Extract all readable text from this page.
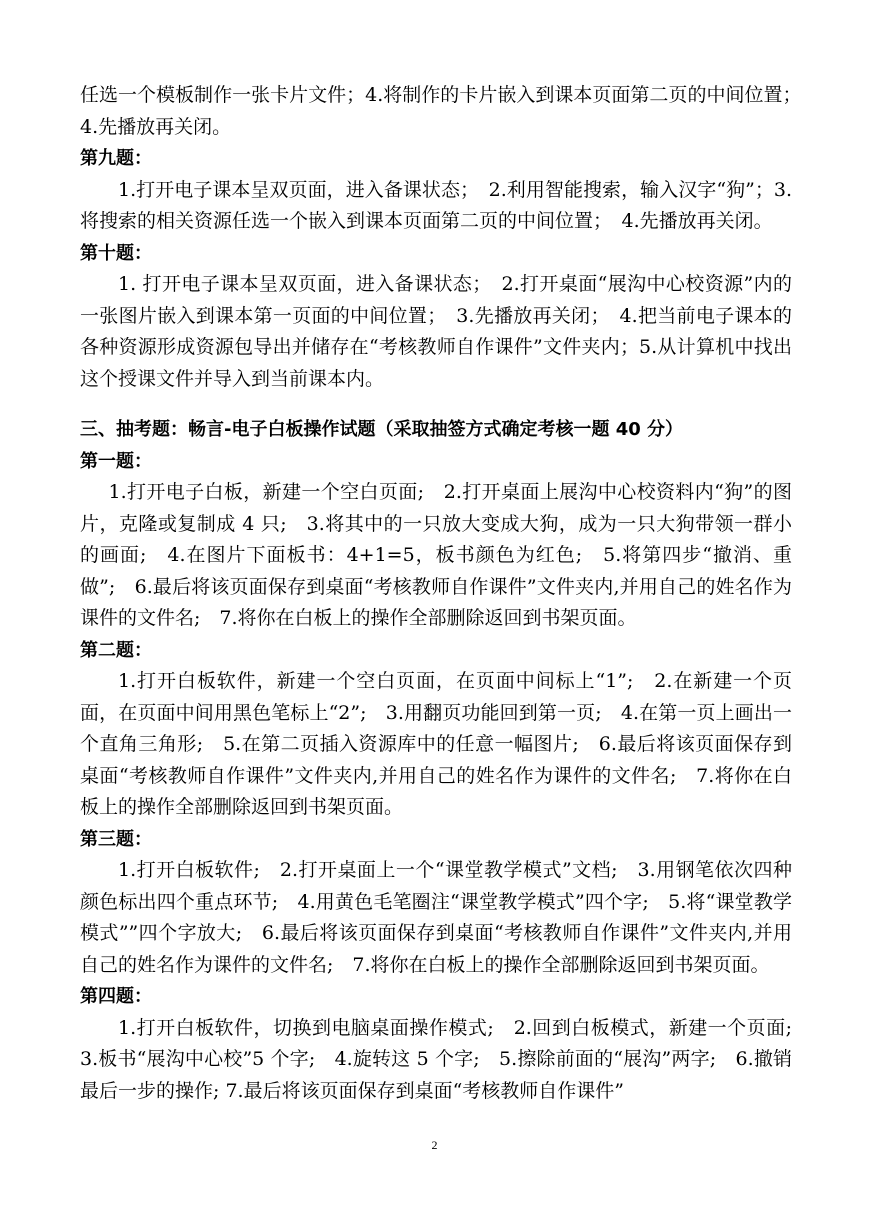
任选一个模板制作一张卡片文件；4.将制作的卡片嵌入到课本页面第二页的中间位置；　4.先播放再关闭。

第九题：

1.打开电子课本呈双页面，进入备课状态；　2.利用智能搜索，输入汉字“狗”；3.将搜索的相关资源任选一个嵌入到课本页面第二页的中间位置；　4.先播放再关闭。

第十题：

1. 打开电子课本呈双页面，进入备课状态；　2.打开桌面“展沟中心校资源”内的一张图片嵌入到课本第一页面的中间位置；　3.先播放再关闭；　4.把当前电子课本的各种资源形成资源包导出并储存在“考核教师自作课件”文件夹内；5.从计算机中找出这个授课文件并导入到当前课本内。

三、抽考题：畅言-电子白板操作试题（采取抽签方式确定考核一题 40 分）

第一题：

1.打开电子白板，新建一个空白页面;　2.打开桌面上展沟中心校资料内“狗”的图片，克隆或复制成 4 只;　3.将其中的一只放大变成大狗，成为一只大狗带领一群小的画面;　4.在图片下面板书：4+1=5，板书颜色为红色;　5.将第四步“撤消、重做”;　6.最后将该页面保存到桌面“考核教师自作课件”文件夹内,并用自己的姓名作为课件的文件名;　7.将你在白板上的操作全部删除返回到书架页面。

第二题：

1.打开白板软件，新建一个空白页面，在页面中间标上“1”;　2.在新建一个页面，在页面中间用黑色笔标上“2”;　3.用翻页功能回到第一页;　4.在第一页上画出一个直角三角形;　5.在第二页插入资源库中的任意一幅图片;　6.最后将该页面保存到桌面“考核教师自作课件”文件夹内,并用自己的姓名作为课件的文件名;　7.将你在白板上的操作全部删除返回到书架页面。

第三题：

1.打开白板软件;　2.打开桌面上一个“课堂教学模式”文档;　3.用钢笔依次四种颜色标出四个重点环节;　4.用黄色毛笔圈注“课堂教学模式”四个字;　5.将“课堂教学模式””四个字放大;　6.最后将该页面保存到桌面“考核教师自作课件”文件夹内,并用自己的姓名作为课件的文件名;　7.将你在白板上的操作全部删除返回到书架页面。

第四题：

1.打开白板软件，切换到电脑桌面操作模式;　2.回到白板模式，新建一个页面;　3.板书“展沟中心校”5 个字;　4.旋转这 5 个字;　5.擦除前面的“展沟”两字;　6.撤销最后一步的操作; 7.最后将该页面保存到桌面“考核教师自作课件”

2
